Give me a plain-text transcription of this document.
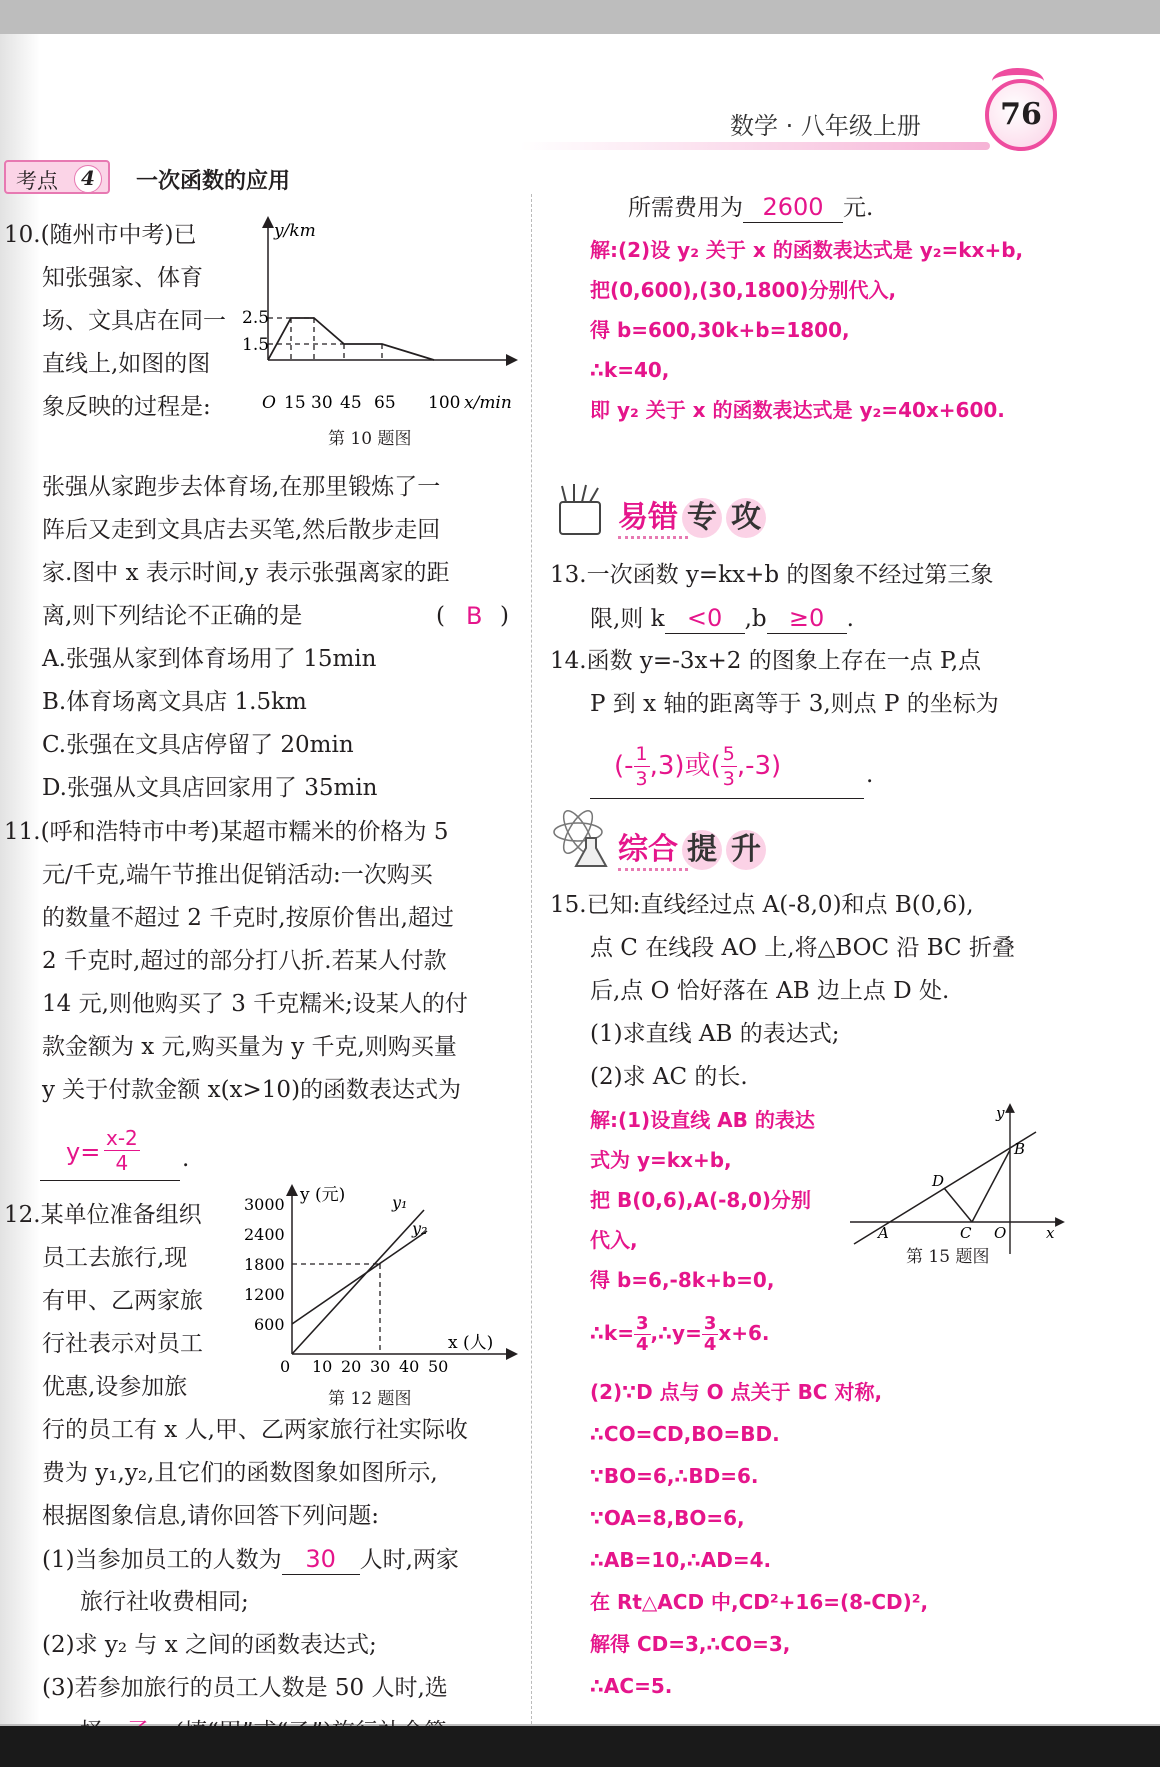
数学 · 八年级上册	76
考点	4	一次函数的应用
10.(随州市中考)已
知张强家、体育
场、文具店在同一
直线上,如图的图
象反映的过程是:
y/km
2.5
1.5
O 15 30 45 65 100 x/min
第 10 题图
张强从家跑步去体育场,在那里锻炼了一
阵后又走到文具店去买笔,然后散步走回
家.图中 x 表示时间,y 表示张强离家的距
离,则下列结论不正确的是	( B )
A.张强从家到体育场用了 15min
B.体育场离文具店 1.5km
C.张强在文具店停留了 20min
D.张强从文具店回家用了 35min
11.(呼和浩特市中考)某超市糯米的价格为 5
元/千克,端午节推出促销活动:一次购买
的数量不超过 2 千克时,按原价售出,超过
2 千克时,超过的部分打八折.若某人付款
14 元,则他购买了 3 千克糯米;设某人的付
款金额为 x 元,购买量为 y 千克,则购买量
y 关于付款金额 x(x>10)的函数表达式为
$y= \frac{x-2}{4}$ .
12.某单位准备组织
员工去旅行,现
有甲、乙两家旅
行社表示对员工
优惠,设参加旅
y (元)
3000
2400
1800
1200
600
0 10 20 30 40 50
x (人)
y₁
y₂
第 12 题图
行的员工有 x 人,甲、乙两家旅行社实际收
费为 y₁,y₂,且它们的函数图象如图所示,
根据图象信息,请你回答下列问题:
(1)当参加员工的人数为 30 人时,两家
旅行社收费相同;
(2)求 y₂ 与 x 之间的函数表达式;
(3)若参加旅行的员工人数是 50 人时,选
所需费用为 2600 元.
解:(2)设 y₂ 关于 x 的函数表达式是 y₂=kx+b,
把(0,600),(30,1800)分别代入,
得 b=600,30k+b=1800,
∴k=40,
即 y₂ 关于 x 的函数表达式是 y₂=40x+600.
易错 专 攻
13.一次函数 y=kx+b 的图象不经过第三象
限,则 k <0 ,b ≥0 .
14.函数 y=-3x+2 的图象上存在一点 P,点
P 到 x 轴的距离等于 3,则点 P 的坐标为
(- $\frac{1}{3} ,3$)或( $\frac{5}{3} ,-3$)	.
综合 提 升
15.已知:直线经过点 A(-8,0)和点 B(0,6),
点 C 在线段 AO 上,将△BOC 沿 BC 折叠
后,点 O 恰好落在 AB 边上点 D 处.
(1)求直线 AB 的表达式;
(2)求 AC 的长.
解:(1)设直线 AB 的表达
式为 y=kx+b,
把 B(0,6),A(-8,0)分别
代入,
得 b=6,-8k+b=0,
∴k= $\frac{3}{4}$ ,∴y= $\frac{3}{4} x+6$.
y
B
D
A	C O	x
第 15 题图
(2)∵D 点与 O 点关于 BC 对称,
∴CO=CD,BO=BD.
∵BO=6,∴BD=6.
∵OA=8,BO=6,
∴AB=10,∴AD=4.
在 Rt△ACD 中,CD²+16=(8-CD)²,
解得 CD=3,∴CO=3,
∴AC=5.
